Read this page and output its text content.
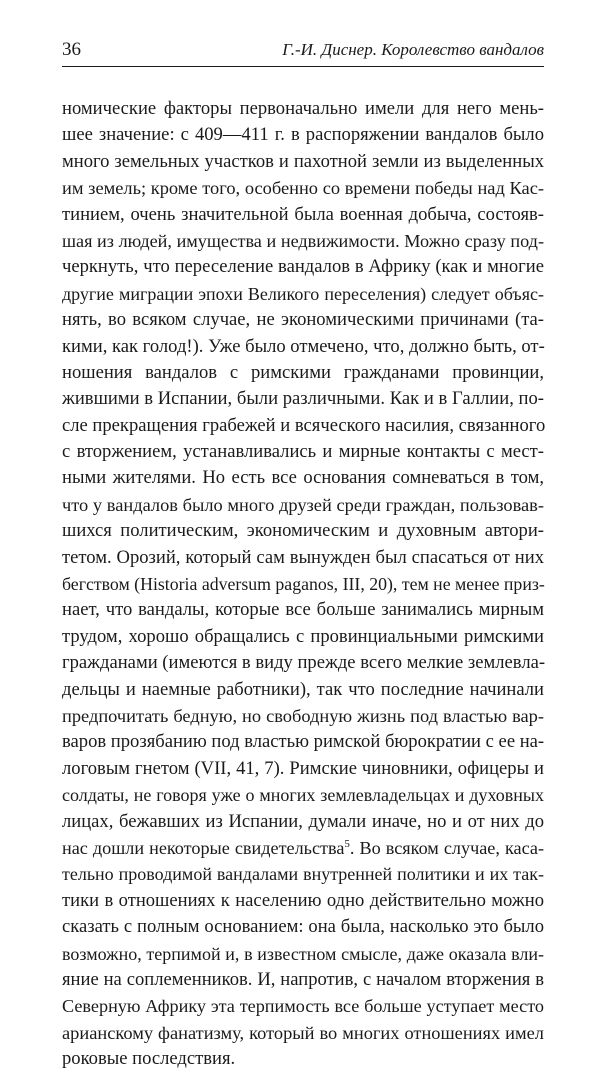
36	Г.-И. Диснер. Королевство вандалов
номические факторы первоначально имели для него мень-
шее значение: с 409—411 г. в распоряжении вандалов было
много земельных участков и пахотной земли из выделенных
им земель; кроме того, особенно со времени победы над Кас-
тинием, очень значительной была военная добыча, состояв-
шая из людей, имущества и недвижимости. Можно сразу под-
черкнуть, что переселение вандалов в Африку (как и многие
другие миграции эпохи Великого переселения) следует объяс-
нять, во всяком случае, не экономическими причинами (та-
кими, как голод!). Уже было отмечено, что, должно быть, от-
ношения вандалов с римскими гражданами провинции,
жившими в Испании, были различными. Как и в Галлии, по-
сле прекращения грабежей и всяческого насилия, связанного
с вторжением, устанавливались и мирные контакты с мест-
ными жителями. Но есть все основания сомневаться в том,
что у вандалов было много друзей среди граждан, пользовав-
шихся политическим, экономическим и духовным автори-
тетом. Орозий, который сам вынужден был спасаться от них
бегством (Historia adversum paganos, III, 20), тем не менее приз-
нает, что вандалы, которые все больше занимались мирным
трудом, хорошо обращались с провинциальными римскими
гражданами (имеются в виду прежде всего мелкие землевла-
дельцы и наемные работники), так что последние начинали
предпочитать бедную, но свободную жизнь под властью вар-
варов прозябанию под властью римской бюрократии с ее на-
логовым гнетом (VII, 41, 7). Римские чиновники, офицеры и
солдаты, не говоря уже о многих землевладельцах и духовных
лицах, бежавших из Испании, думали иначе, но и от них до
нас дошли некоторые свидетельства$^5$. Во всяком случае, каса-
тельно проводимой вандалами внутренней политики и их так-
тики в отношениях к населению одно действительно можно
сказать с полным основанием: она была, насколько это было
возможно, терпимой и, в известном смысле, даже оказала вли-
яние на соплеменников. И, напротив, с началом вторжения в
Северную Африку эта терпимость все больше уступает место
арианскому фанатизму, который во многих отношениях имел
роковые последствия.
